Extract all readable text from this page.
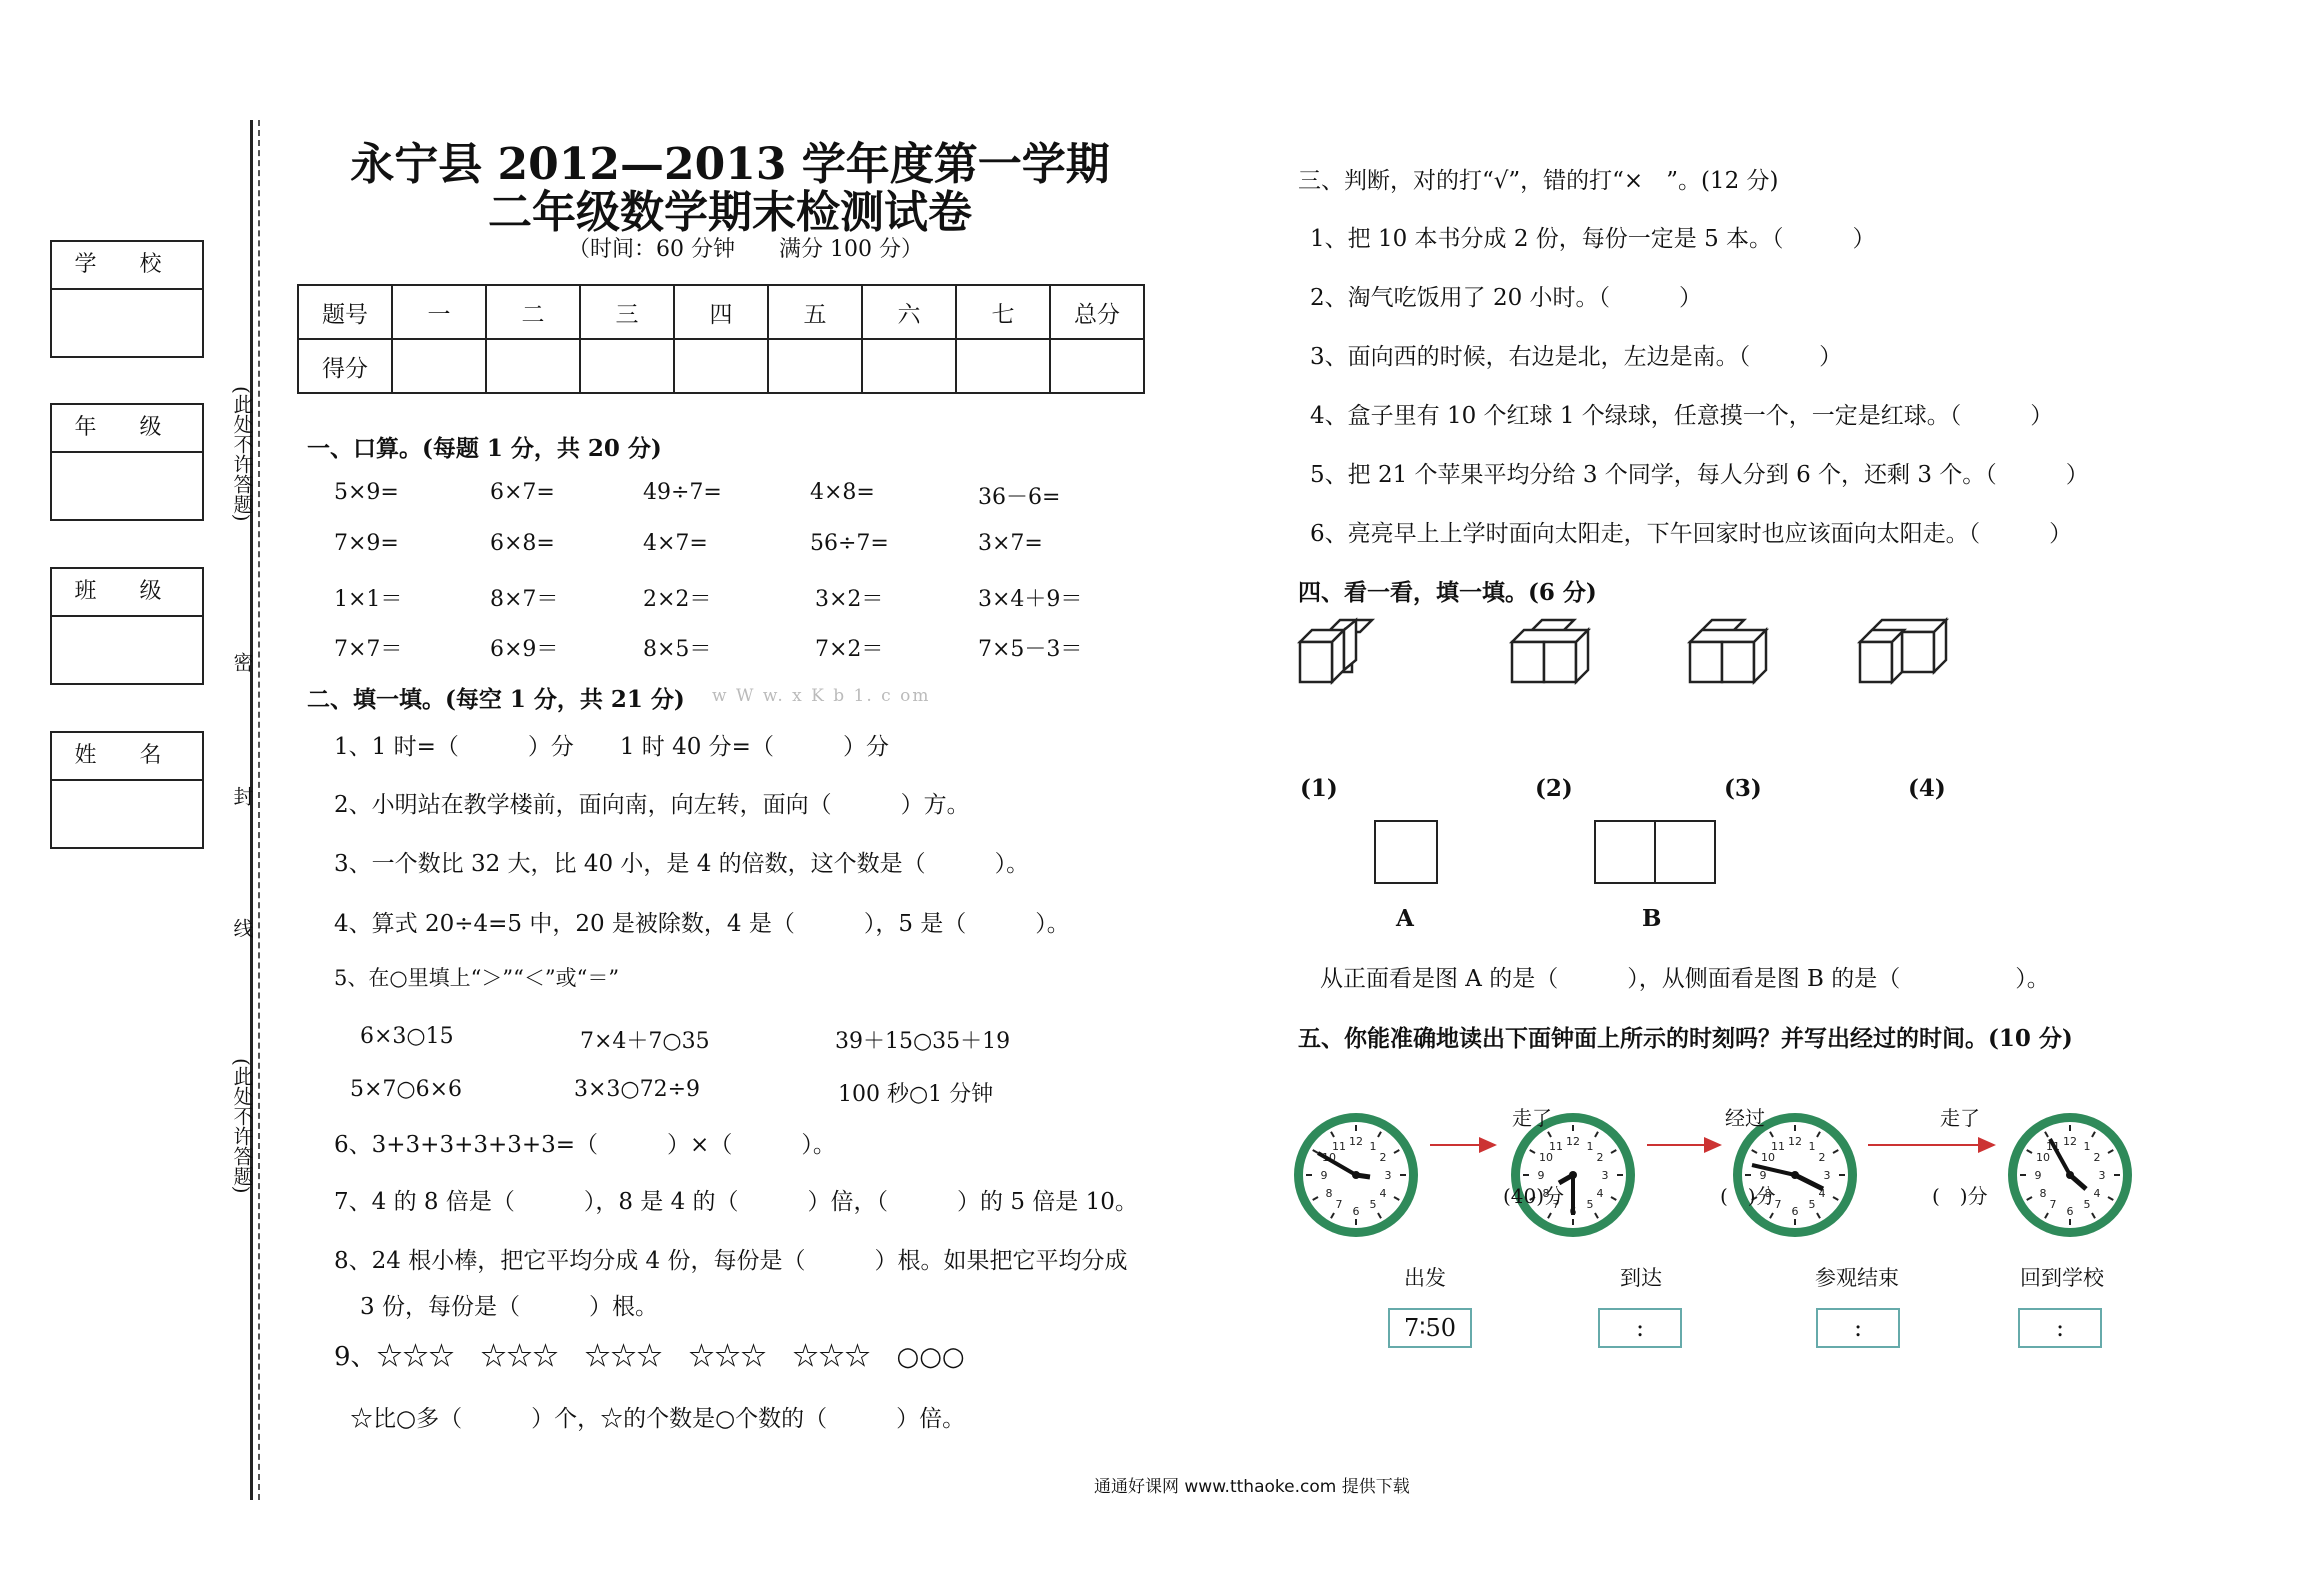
学 校
年 级
班 级
姓 名
(此处不许答题)
密
封
线
(此处不许答题)
永宁县 2012—2013 学年度第一学期
二年级数学期末检测试卷
（时间：60 分钟　　满分 100 分）
题号	一	二	三	四	五	六	七	总分
得分								
一、口算。(每题 1 分，共 20 分)
5×9=	6×7=	49÷7=	4×8=	36－6=
7×9=	6×8=	4×7=	56÷7=	3×7=
1×1＝	8×7＝	2×2＝	3×2＝	3×4＋9＝
7×7＝	6×9＝	8×5＝	7×2＝	7×5－3＝
二、填一填。(每空 1 分，共 21 分) w W w. x K b 1. c om
1、1 时=（　　　）分　　1 时 40 分=（　　　）分
2、小明站在教学楼前，面向南，向左转，面向（　　　）方。
3、一个数比 32 大，比 40 小，是 4 的倍数，这个数是（　　　）。
4、算式 20÷4=5 中，20 是被除数，4 是（　　　），5 是（　　　）。
5、在○里填上“＞”“＜”或“＝”
6×3○15	7×4＋7○35	39＋15○35＋19
5×7○6×6	3×3○72÷9	100 秒○1 分钟
6、3+3+3+3+3+3=（　　　）×（　　　）。
7、4 的 8 倍是（　　　），8 是 4 的（　　　）倍，（　　　）的 5 倍是 10。
8、24 根小棒，把它平均分成 4 份，每份是（　　　）根。如果把它平均分成
3 份，每份是（　　　）根。
9、☆☆☆　☆☆☆　☆☆☆　☆☆☆　☆☆☆　○○○
☆比○多（　　　）个，☆的个数是○个数的（　　　）倍。
三、判断，对的打“√”，错的打“×　”。(12 分)
1、把 10 本书分成 2 份，每份一定是 5 本。（　　　）
2、淘气吃饭用了 20 小时。（　　　）
3、面向西的时候，右边是北，左边是南。（　　　）
4、盒子里有 10 个红球 1 个绿球，任意摸一个，一定是红球。（　　　）
5、把 21 个苹果平均分给 3 个同学，每人分到 6 个，还剩 3 个。（　　　）
6、亮亮早上上学时面向太阳走，下午回家时也应该面向太阳走。（　　　）
四、看一看，填一填。(6 分)
(1)	(2)	(3)	(4)
A	B
从正面看是图 A 的是（　　　），从侧面看是图 B 的是（　　　　　）。
五、你能准确地读出下面钟面上所示的时刻吗？并写出经过的时间。(10 分)
12
3
6
9
1
2
4
5
7
8
10
11
走了
(40)分
经过
(　)分
走了
(　)分
出发	到达	参观结束	回到学校
7∶50	:	:	:
通通好课网 www.tthaoke.com 提供下载
